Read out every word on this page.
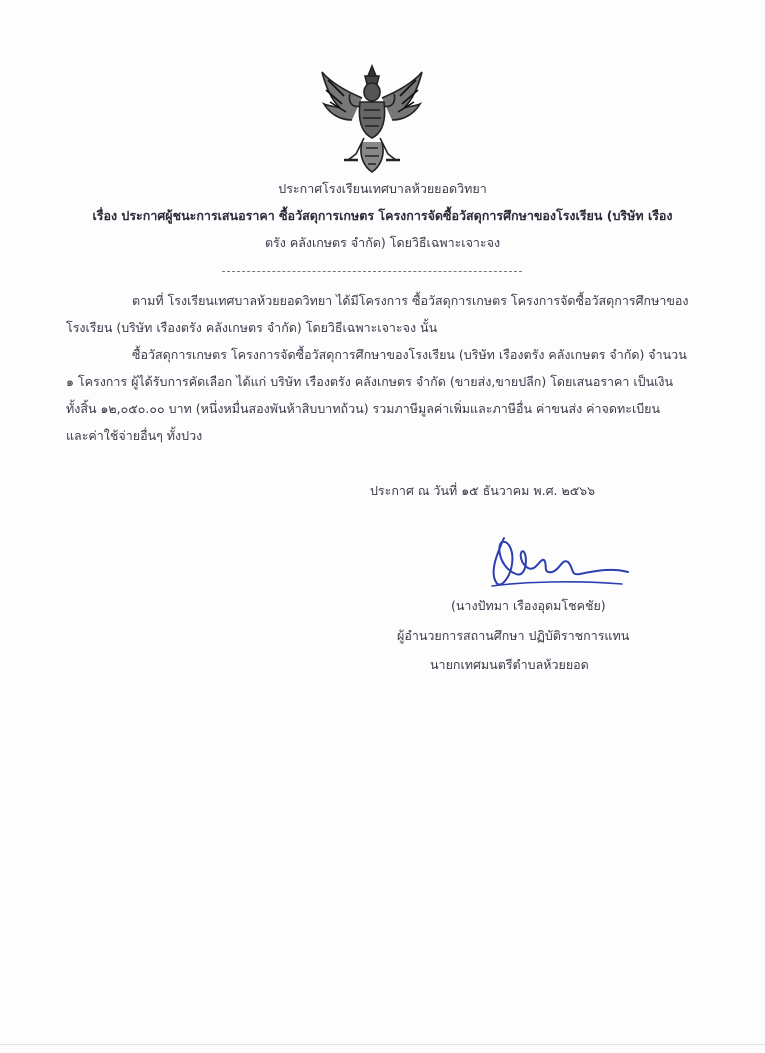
ประกาศโรงเรียนเทศบาลห้วยยอดวิทยา
เรื่อง ประกาศผู้ชนะการเสนอราคา ซื้อวัสดุการเกษตร โครงการจัดซื้อวัสดุการศึกษาของโรงเรียน (บริษัท เรือง
ตรัง คลังเกษตร จำกัด) โดยวิธีเฉพาะเจาะจง
ตามที่ โรงเรียนเทศบาลห้วยยอดวิทยา ได้มีโครงการ ซื้อวัสดุการเกษตร โครงการจัดซื้อวัสดุการศึกษาของ
โรงเรียน (บริษัท เรืองตรัง คลังเกษตร จำกัด) โดยวิธีเฉพาะเจาะจง นั้น
ซื้อวัสดุการเกษตร โครงการจัดซื้อวัสดุการศึกษาของโรงเรียน (บริษัท เรืองตรัง คลังเกษตร จำกัด) จำนวน
๑ โครงการ ผู้ได้รับการคัดเลือก ได้แก่ บริษัท เรืองตรัง คลังเกษตร จำกัด (ขายส่ง,ขายปลีก) โดยเสนอราคา เป็นเงิน
ทั้งสิ้น ๑๒,๐๕๐.๐๐ บาท (หนึ่งหมื่นสองพันห้าสิบบาทถ้วน) รวมภาษีมูลค่าเพิ่มและภาษีอื่น ค่าขนส่ง ค่าจดทะเบียน
และค่าใช้จ่ายอื่นๆ ทั้งปวง
ประกาศ ณ วันที่ ๑๕ ธันวาคม พ.ศ. ๒๕๖๖
(นางปัทมา เรืองอุดมโชคชัย)
ผู้อำนวยการสถานศึกษา ปฏิบัติราชการแทน
นายกเทศมนตรีตำบลห้วยยอด
